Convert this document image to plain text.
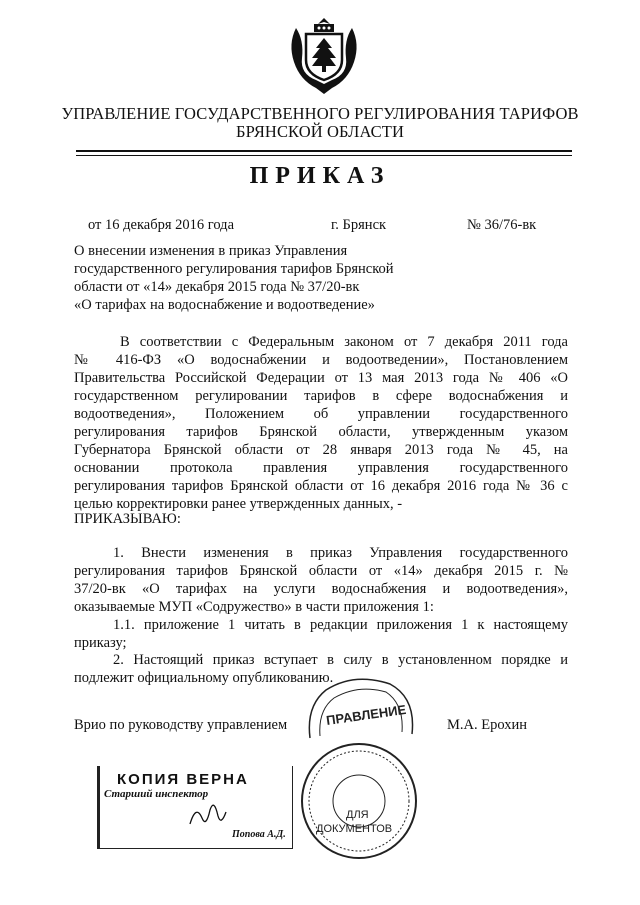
УПРАВЛЕНИЕ ГОСУДАРСТВЕННОГО РЕГУЛИРОВАНИЯ ТАРИФОВ
БРЯНСКОЙ ОБЛАСТИ
ПРИКАЗ
от 16 декабря 2016 года	г. Брянск	№ 36/76-вк
О внесении изменения в приказ Управления
государственного регулирования тарифов Брянской
области от «14» декабря 2015 года № 37/20-вк
«О тарифах на водоснабжение и водоотведение»
В соответствии с Федеральным законом от 7 декабря 2011 года
№ 416-ФЗ «О водоснабжении и водоотведении», Постановлением
Правительства Российской Федерации от 13 мая 2013 года № 406 «О
государственном регулировании тарифов в сфере водоснабжения и
водоотведения», Положением об управлении государственного
регулирования тарифов Брянской области, утвержденным указом
Губернатора Брянской области от 28 января 2013 года № 45, на
основании протокола правления управления государственного
регулирования тарифов Брянской области от 16 декабря 2016 года № 36 с
целью корректировки ранее утвержденных данных, -
ПРИКАЗЫВАЮ:
1. Внести изменения в приказ Управления государственного
регулирования тарифов Брянской области от «14» декабря 2015 г. №
37/20-вк «О тарифах на услуги водоснабжения и водоотведения»,
оказываемые МУП «Содружество» в части приложения 1:
1.1. приложение 1 читать в редакции приложения 1 к настоящему
приказу;
2. Настоящий приказ вступает в силу в установленном порядке и
подлежит официальному опубликованию.
Врио по руководству управлением	М.А. Ерохин
ПРАВЛЕНИЕ
ДЛЯ
ДОКУМЕНТОВ
КОПИЯ ВЕРНА
Старший инспектор
Попова А.Д.
